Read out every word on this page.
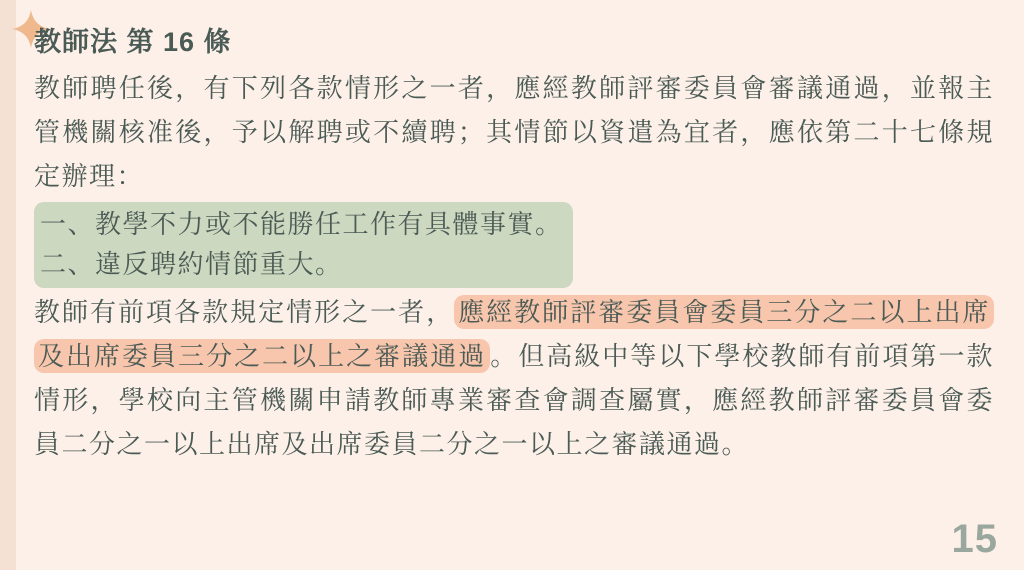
教師法 第 16 條
教師聘任後，有下列各款情形之一者，應經教師評審委員會審議通過，並報主管機關核准後，予以解聘或不續聘；其情節以資遣為宜者，應依第二十七條規定辦理：
一、教學不力或不能勝任工作有具體事實。
二、違反聘約情節重大。
教師有前項各款規定情形之一者， 應經教師評審委員會委員三分之二以上出席及出席委員三分之二以上之審議通過 。但高級中等以下學校教師有前項第一款情形，學校向主管機關申請教師專業審查會調查屬實，應經教師評審委員會委員二分之一以上出席及出席委員二分之一以上之審議通過。
15
